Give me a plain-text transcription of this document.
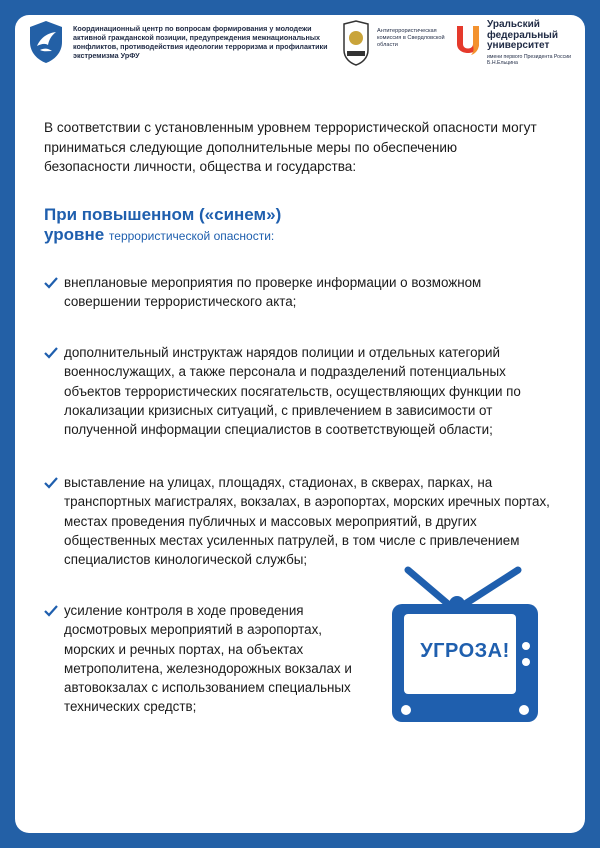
Координационный центр по вопросам формирования у молодежи активной гражданской позиции, предупреждения межнациональных конфликтов, противодействия идеологии терроризма и профилактики экстремизма УрФУ
Антитеррористическая комиссия в Свердловской области
Уральский федеральный университет
имени первого Президента России Б.Н.Ельцина
В соответствии с установленным уровнем террористической опасности могут приниматься следующие дополнительные меры по обеспечению безопасности личности, общества и государства:
При повышенном («синем»)
уровне террористической опасности:
внеплановые мероприятия по проверке информации о возможном совершении террористического акта;
дополнительный инструктаж нарядов полиции и отдельных категорий военнослужащих, а также персонала и подразделений потенциальных объектов террористических посягательств, осуществляющих функции по локализации кризисных ситуаций, с привлечением в зависимости от полученной информации специалистов в соответствующей области;
выставление на улицах, площадях, стадионах, в скверах, парках, на транспортных магистралях, вокзалах, в аэропортах, морских иречных портах, местах проведения публичных и массовых мероприятий, в других общественных местах усиленных патрулей, в том числе с привлечением специалистов кинологической службы;
усиление контроля в ходе проведения досмотровых мероприятий в аэропортах, морских и речных портах, на объектах метрополитена, железнодорожных вокзалах и автовокзалах с использованием специальных технических средств;
УГРОЗА!
